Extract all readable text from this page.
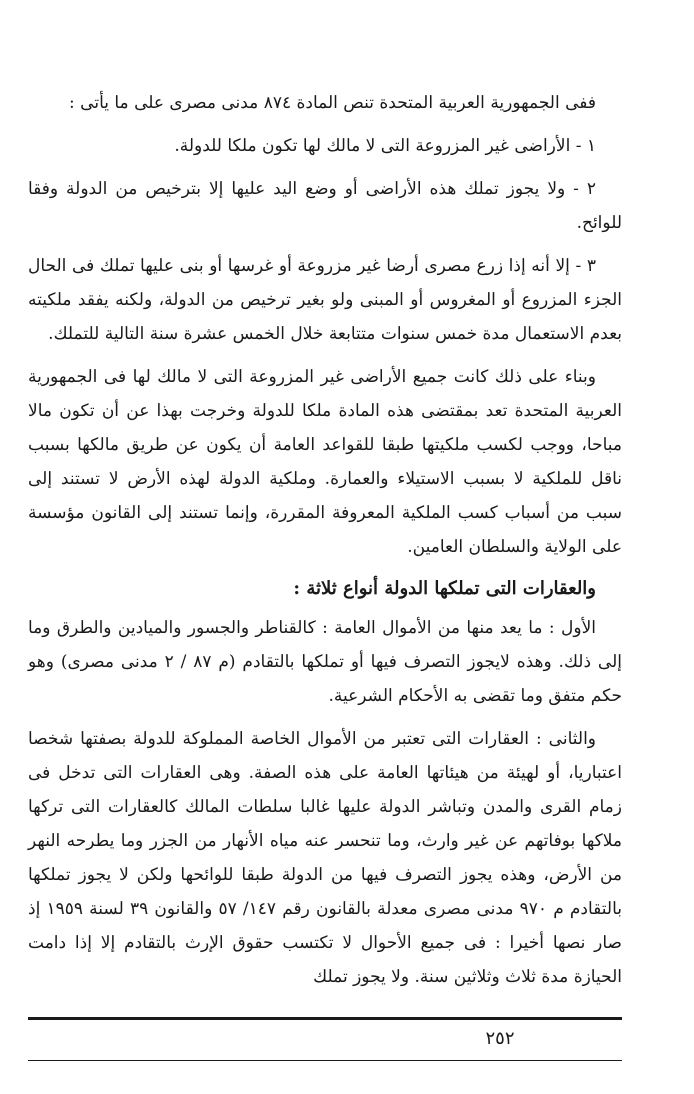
ففى الجمهورية العربية المتحدة تنص المادة ٨٧٤ مدنى مصرى على ما يأتى :

١ - الأراضى غير المزروعة التى لا مالك لها تكون ملكا للدولة.

٢ - ولا يجوز تملك هذه الأراضى أو وضع اليد عليها إلا بترخيص من الدولة وفقا للوائح.

٣ - إلا أنه إذا زرع مصرى أرضا غير مزروعة أو غرسها أو بنى عليها تملك فى الحال الجزء المزروع أو المغروس أو المبنى ولو بغير ترخيص من الدولة، ولكنه يفقد ملكيته بعدم الاستعمال مدة خمس سنوات متتابعة خلال الخمس عشرة سنة التالية للتملك.

وبناء على ذلك كانت جميع الأراضى غير المزروعة التى لا مالك لها فى الجمهورية العربية المتحدة تعد بمقتضى هذه المادة ملكا للدولة وخرجت بهذا عن أن تكون مالا مباحا، ووجب لكسب ملكيتها طبقا للقواعد العامة أن يكون عن طريق مالكها بسبب ناقل للملكية لا بسبب الاستيلاء والعمارة. وملكية الدولة لهذه الأرض لا تستند إلى سبب من أسباب كسب الملكية المعروفة المقررة، وإنما تستند إلى القانون مؤسسة على الولاية والسلطان العامين.

والعقارات التى تملكها الدولة أنواع ثلاثة :

الأول : ما يعد منها من الأموال العامة : كالقناطر والجسور والميادين والطرق وما إلى ذلك. وهذه لايجوز التصرف فيها أو تملكها بالتقادم (م ٨٧ / ٢ مدنى مصرى) وهو حكم متفق وما تقضى به الأحكام الشرعية.

والثانى : العقارات التى تعتبر من الأموال الخاصة المملوكة للدولة بصفتها شخصا اعتباريا، أو لهيئة من هيئاتها العامة على هذه الصفة. وهى العقارات التى تدخل فى زمام القرى والمدن وتباشر الدولة عليها غالبا سلطات المالك كالعقارات التى تركها ملاكها بوفاتهم عن غير وارث، وما تنحسر عنه مياه الأنهار من الجزر وما يطرحه النهر من الأرض، وهذه يجوز التصرف فيها من الدولة طبقا للوائحها ولكن لا يجوز تملكها بالتقادم م ٩٧٠ مدنى مصرى معدلة بالقانون رقم ١٤٧/ ٥٧ والقانون ٣٩ لسنة ١٩٥٩ إذ صار نصها أخيرا : فى جميع الأحوال لا تكتسب حقوق الإرث بالتقادم إلا إذا دامت الحيازة مدة ثلاث وثلاثين سنة. ولا يجوز تملك

٢٥٢
